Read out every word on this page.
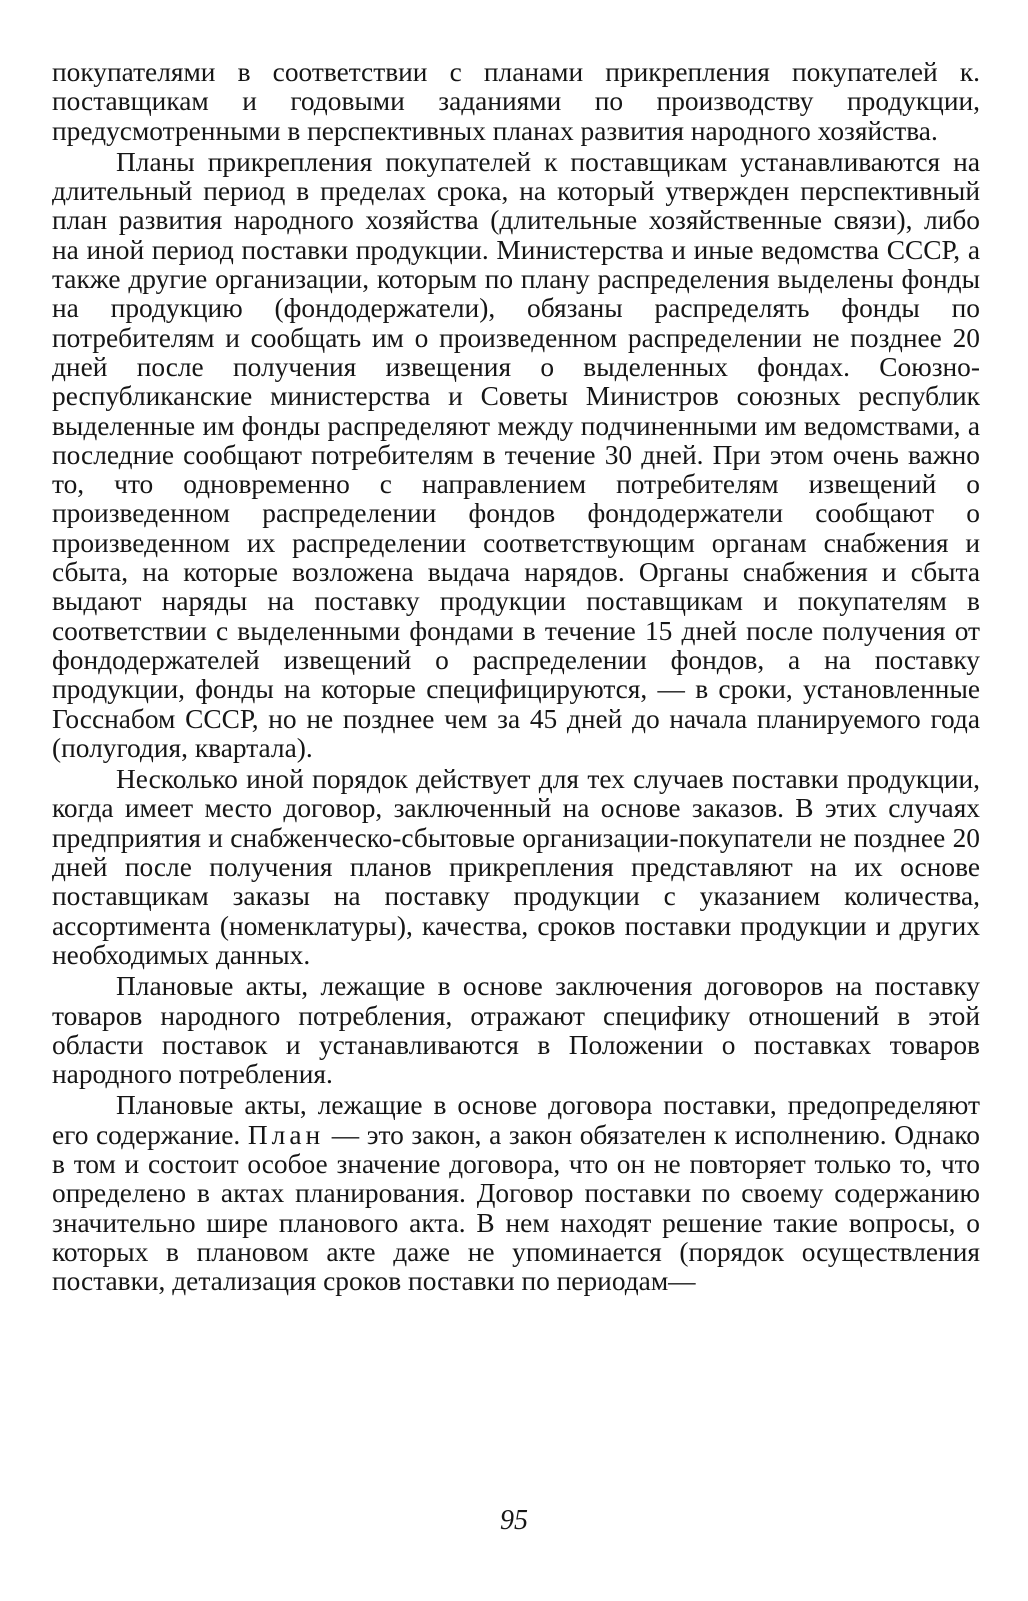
покупателями в соответствии с планами прикрепления покупателей к. поставщикам и годовыми заданиями по производству продукции, предусмотренными в перспективных планах развития народного хозяйства.

Планы прикрепления покупателей к поставщикам устанавливаются на длительный период в пределах срока, на который утвержден перспективный план развития народного хозяйства (длительные хозяйственные связи), либо на иной период поставки продукции. Министерства и иные ведомства СССР, а также другие организации, которым по плану распределения выделены фонды на продукцию (фондодержатели), обязаны распределять фонды по потребителям и сообщать им о произведенном распределении не позднее 20 дней после получения извещения о выделенных фондах. Союзно-республиканские министерства и Советы Министров союзных республик выделенные им фонды распределяют между подчиненными им ведомствами, а последние сообщают потребителям в течение 30 дней. При этом очень важно то, что одновременно с направлением потребителям извещений о произведенном распределении фондов фондодержатели сообщают о произведенном их распределении соответствующим органам снабжения и сбыта, на которые возложена выдача нарядов. Органы снабжения и сбыта выдают наряды на поставку продукции поставщикам и покупателям в соответствии с выделенными фондами в течение 15 дней после получения от фондодержателей извещений о распределении фондов, а на поставку продукции, фонды на которые специфицируются, — в сроки, установленные Госснабом СССР, но не позднее чем за 45 дней до начала планируемого года (полугодия, квартала).

Несколько иной порядок действует для тех случаев поставки продукции, когда имеет место договор, заключенный на основе заказов. В этих случаях предприятия и снабженческо-сбытовые организации-покупатели не позднее 20 дней после получения планов прикрепления представляют на их основе поставщикам заказы на поставку продукции с указанием количества, ассортимента (номенклатуры), качества, сроков поставки продукции и других необходимых данных.

Плановые акты, лежащие в основе заключения договоров на поставку товаров народного потребления, отражают специфику отношений в этой области поставок и устанавливаются в Положении о поставках товаров народного потребления.

Плановые акты, лежащие в основе договора поставки, предопределяют его содержание. План — это закон, а закон обязателен к исполнению. Однако в том и состоит особое значение договора, что он не повторяет только то, что определено в актах планирования. Договор поставки по своему содержанию значительно шире планового акта. В нем находят решение такие вопросы, о которых в плановом акте даже не упоминается (порядок осуществления поставки, детализация сроков поставки по периодам—

95
